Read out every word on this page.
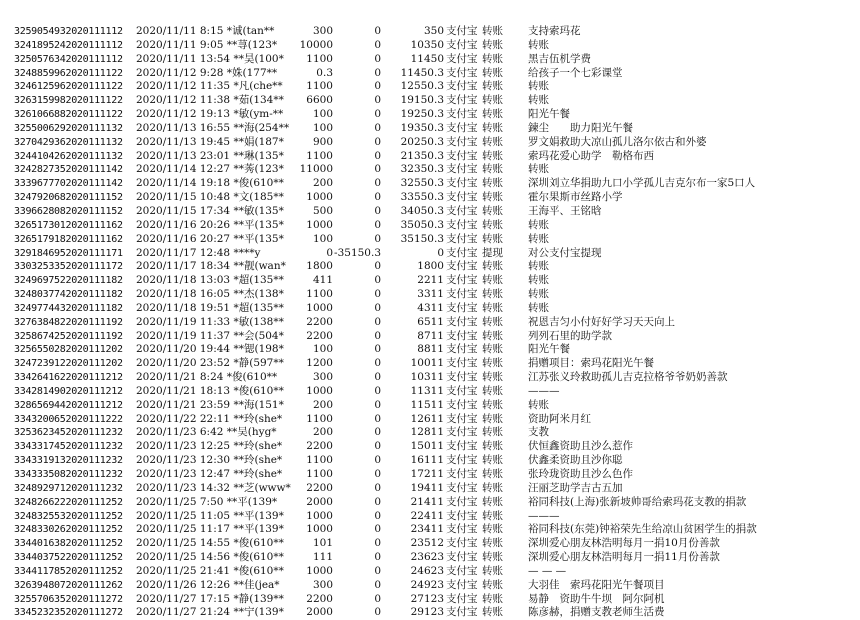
3259054932020111112 2020/11/11 8:15 *诚(tan**	300	0	350 支付宝 转账 支持索玛花
3241895242020111112 2020/11/11 9:05 **荨(123* 10000	0	10350 支付宝 转账 转账
3250576342020111112 2020/11/11 13:54 **昊(100* 1100	0	11450 支付宝 转账 黑吉伍机学费
3248859962020111122 2020/11/12 9:28 *姝(177**	0.3	0 11450.3 支付宝 转账 给孩子一个七彩课堂
3246125962020111122 2020/11/12 11:35 *凡(che** 1100	0 12550.3 支付宝 转账 转账
3263159982020111122 2020/11/12 11:38 *茹(134** 6600	0 19150.3 支付宝 转账 转账
3261066882020111122 2020/11/12 19:13 *敏(ym-**	100	0 19250.3 支付宝 转账 阳光午餐
3255006292020111132 2020/11/13 16:55 **海(254** 100	0 19350.3 支付宝 转账 鍊尘　　助力阳光午餐
3270429362020111132 2020/11/13 19:45 **娟(187*	900	0 20250.3 支付宝 转账 罗文娟救助大凉山孤儿洛尔依古和外婆
3244104262020111132 2020/11/13 23:01 **琳(135* 1100	0 21350.3 支付宝 转账 索玛花爱心助学　勒格布西
3242827352020111142 2020/11/14 12:27 **莠(123* 11000	0 32350.3 支付宝 转账 转账
3339677702020111142 2020/11/14 19:18 *俊(610**	200	0 32550.3 支付宝 转账 深圳刘立华捐助九口小学孤儿吉克尔布一家5口人
3247920682020111152 2020/11/15 10:48 *文(185** 1000	0 33550.3 支付宝 转账 霍尔果斯市丝路小学
3396628082020111152 2020/11/15 17:34 **敏(135*	500	0 34050.3 支付宝 转账 王海平、王铭晗
3265173012020111162 2020/11/16 20:26 **平(135* 1000	0 35050.3 支付宝 转账 转账
3265179182020111162 2020/11/16 20:27 **平(135*	100	0 35150.3 支付宝 转账 转账
3291846952020111171 2020/11/17 12:48 ****y	0 -35150.3	0 支付宝 提现 对公支付宝提现
3303253352020111172 2020/11/17 18:34 **靓(wan* 1800	0	1800 支付宝 转账 转账
3249697522020111182 2020/11/18 13:03 *超(135**	411	0	2211 支付宝 转账 转账
3248037742020111182 2020/11/18 16:05 **杰(138* 1100	0	3311 支付宝 转账 转账
3249774432020111182 2020/11/18 19:51 *超(135** 1000	0	4311 支付宝 转账 转账
3276384822020111192 2020/11/19 11:33 *敏(138** 2200	0	6511 支付宝 转账 祝恩吉匀小付好好学习天天向上
3258674252020111192 2020/11/19 11:37 **会(504* 2200	0	8711 支付宝 转账 列列石里的助学款
3256550282020111202 2020/11/20 19:44 **锶(198*	100	0	8811 支付宝 转账 阳光午餐
3247239122020111202 2020/11/20 23:52 *静(597** 1200	0	10011 支付宝 转账 捐赠项目：索玛花阳光午餐
3342641622020111212 2020/11/21 8:24 *俊(610**	300	0	10311 支付宝 转账 江苏张义玲救助孤儿吉克拉格爷爷奶奶善款
3342814902020111212 2020/11/21 18:13 *俊(610** 1000	0	11311 支付宝 转账 ———
3286569442020111212 2020/11/21 23:59 **海(151*	200	0	11511 支付宝 转账 转账
3343200652020111222 2020/11/22 22:11 **玲(she* 1100	0	12611 支付宝 转账 资助阿米月红
3253623452020111232 2020/11/23 6:42 **吴(hyg*	200	0	12811 支付宝 转账 支教
3343317452020111232 2020/11/23 12:25 **玲(she* 2200	0	15011 支付宝 转账 伏恒鑫资助且沙么惹作
3343319132020111232 2020/11/23 12:30 **玲(she* 1100	0	16111 支付宝 转账 伏鑫柔资助且沙你聪
3343335082020111232 2020/11/23 12:47 **玲(she* 1100	0	17211 支付宝 转账 张玲珑资助且沙么色作
3248929712020111232 2020/11/23 14:32 **芝(www* 2200	0	19411 支付宝 转账 汪丽芝助学吉古五加
3248266222020111252 2020/11/25 7:50 **平(139*	2000	0	21411 支付宝 转账 裕同科技(上海)张新坡帅哥给索玛花支教的捐款
3248325532020111252 2020/11/25 11:05 **平(139* 1000	0	22411 支付宝 转账 ———
3248330262020111252 2020/11/25 11:17 **平(139* 1000	0	23411 支付宝 转账 裕同科技(东莞)钟裕荣先生给凉山贫困学生的捐款
3344016382020111252 2020/11/25 14:55 *俊(610**	101	0	23512 支付宝 转账 深圳爱心朋友林浩明每月一捐10月份善款
3344037522020111252 2020/11/25 14:56 *俊(610**	111	0	23623 支付宝 转账 深圳爱心朋友林浩明每月一捐11月份善款
3344117852020111252 2020/11/25 21:41 *俊(610** 1000	0	24623 支付宝 转账 — — —
3263948072020111262 2020/11/26 12:26 **佳(jea*	300	0	24923 支付宝 转账 大羽佳　索玛花阳光午餐项目
3255706352020111272 2020/11/27 17:15 *静(139** 2200	0	27123 支付宝 转账 易静　资助牛牛坝　阿尔阿机
3345232352020111272 2020/11/27 21:24 **宁(139* 2000	0	29123 支付宝 转账 陈彦赫，捐赠支教老师生活费
